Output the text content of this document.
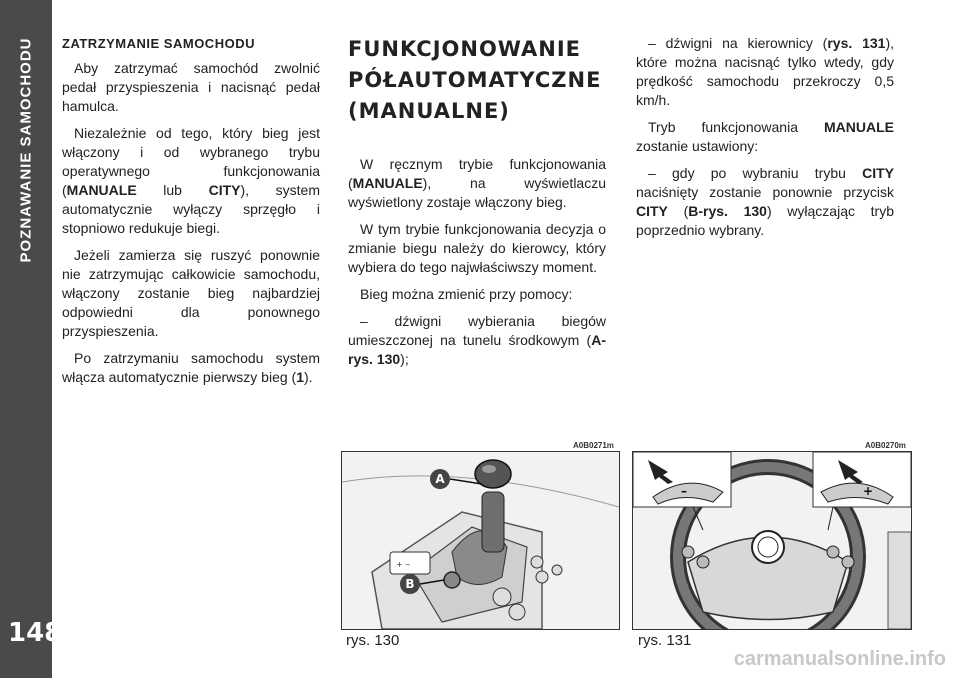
POZNAWANIE SAMOCHODU
148
ZATRZYMANIE SAMOCHODU

Aby zatrzymać samochód zwolnić pedał przyspieszenia i nacisnąć pedał hamulca.

Niezależnie od tego, który bieg jest włączony i od wybranego trybu operatywnego funkcjonowania (MANUALE lub CITY), system automatycznie wyłączy sprzęgło i stopniowo redukuje biegi.

Jeżeli zamierza się ruszyć ponownie nie zatrzymując całkowicie samochodu, włączony zostanie bieg najbardziej odpowiedni dla ponownego przyspieszenia.

Po zatrzymaniu samochodu system włącza automatycznie pierwszy bieg (1).

FUNKCJONOWANIE
PÓŁAUTOMATYCZNE
(MANUALNE)

W ręcznym trybie funkcjonowania (MANUALE), na wyświetlaczu wyświetlony zostaje włączony bieg.

W tym trybie funkcjonowania decyzja o zmianie biegu należy do kierowcy, który wybiera do tego najwłaściwszy moment.

Bieg można zmienić przy pomocy:

– dźwigni wybierania biegów umieszczonej na tunelu środkowym (A-rys. 130);

– dźwigni na kierownicy (rys. 131), które można nacisnąć tylko wtedy, gdy prędkość samochodu przekroczy 0,5 km/h.

Tryb funkcjonowania MANUALE zostanie ustawiony:

– gdy po wybraniu trybu CITY naciśnięty zostanie ponownie przycisk CITY (B-rys. 130) wyłączając tryb poprzednio wybrany.

A0B0271m
+ ‒
A
B
rys. 130
A0B0270m
–	+
rys. 131
carmanualsonline.info
